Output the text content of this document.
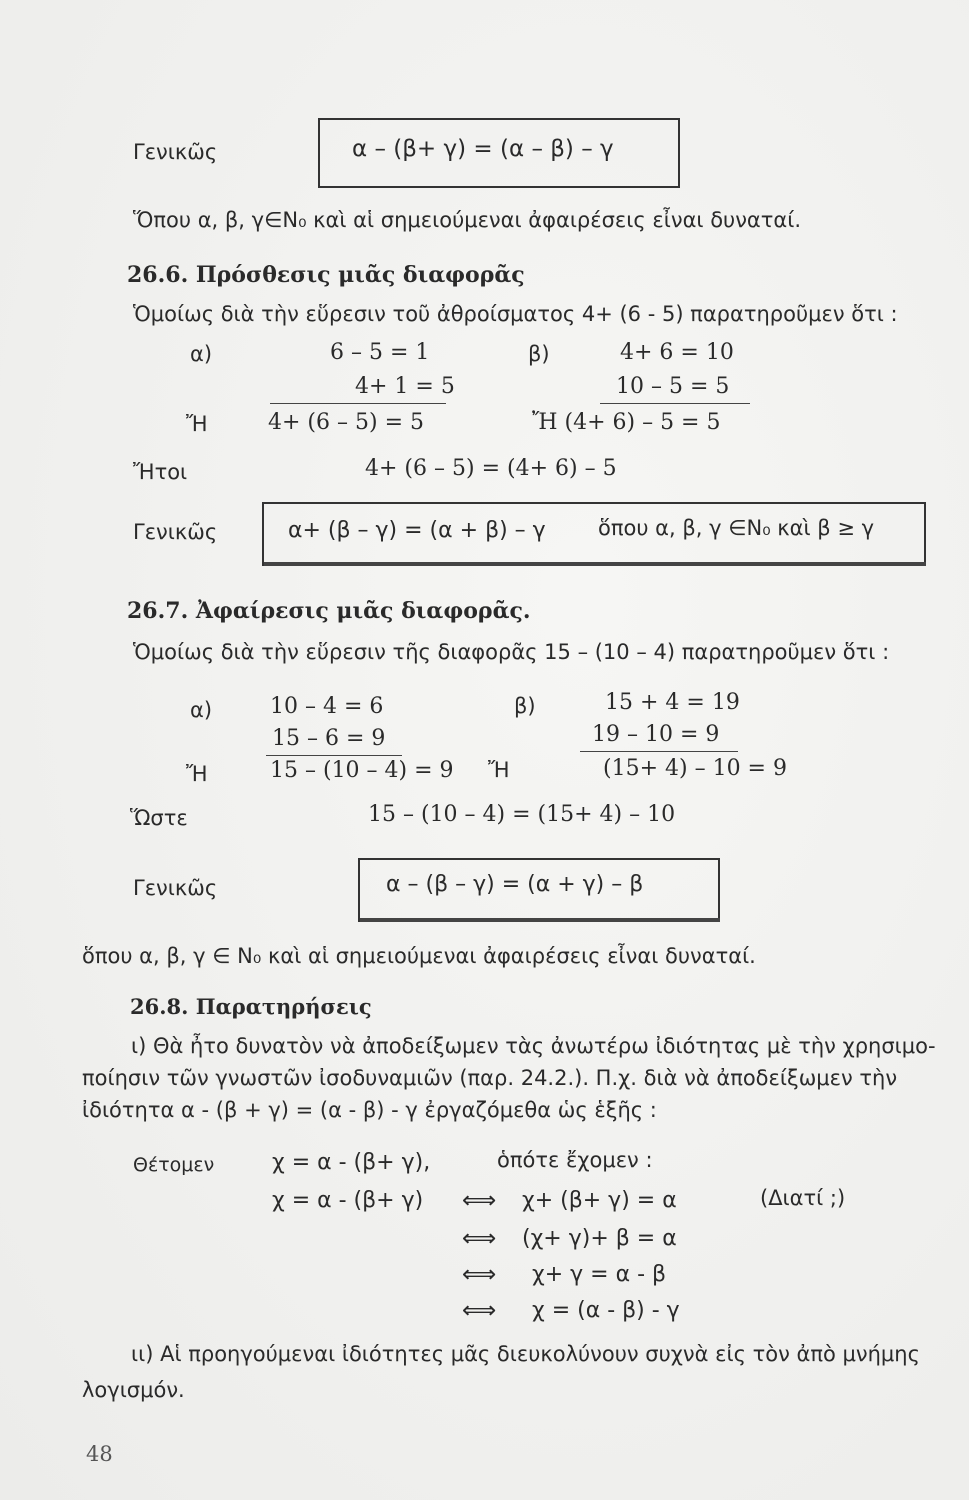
Γενικῶς	α – (β+ γ) = (α – β) – γ
Ὅπου α, β, γ∈N₀ καὶ αἱ σημειούμεναι ἀφαιρέσεις εἶναι δυναταί.
26.6. Πρόσθεσις μιᾶς διαφορᾶς
Ὁμοίως διὰ τὴν εὕρεσιν τοῦ ἀθροίσματος 4+ (6 - 5) παρατηροῦμεν ὅτι :
α)	6 – 5 = 1
4+ 1 = 5
β)	4+ 6 = 10
10 – 5 = 5
Ἤ	4+ (6 – 5) = 5	Ἤ (4+ 6) – 5 = 5
Ἤτοι	4+ (6 – 5) = (4+ 6) – 5
Γενικῶς	α+ (β – γ) = (α + β) – γ ὅπου α, β, γ ∈N₀ καὶ β ≥ γ
26.7. Ἀφαίρεσις μιᾶς διαφορᾶς.
Ὁμοίως διὰ τὴν εὕρεσιν τῆς διαφορᾶς 15 – (10 – 4) παρατηροῦμεν ὅτι :
α)	10 – 4 = 6
15 – 6 = 9
β)	15 + 4 = 19
19 – 10 = 9
Ἤ	15 – (10 – 4) = 9 Ἤ	(15+ 4) – 10 = 9
Ὥστε	15 – (10 – 4) = (15+ 4) – 10
Γενικῶς	α – (β – γ) = (α + γ) – β
ὅπου α, β, γ ∈ N₀ καὶ αἱ σημειούμεναι ἀφαιρέσεις εἶναι δυναταί.
26.8. Παρατηρήσεις
ι) Θὰ ἦτο δυνατὸν νὰ ἀποδείξωμεν τὰς ἀνωτέρω ἰδιότητας μὲ τὴν χρησιμο-
ποίησιν τῶν γνωστῶν ἰσοδυναμιῶν (παρ. 24.2.). Π.χ. διὰ νὰ ἀποδείξωμεν τὴν
ἰδιότητα α - (β + γ) = (α - β) - γ ἐργαζόμεθα ὡς ἑξῆς :
Θέτομεν	χ = α - (β+ γ),	ὁπότε ἔχομεν :
χ = α - (β+ γ) ⟺ χ+ (β+ γ) = α	(Διατί ;)
⟺ (χ+ γ)+ β = α
⟺ χ+ γ = α - β
⟺ χ = (α - β) - γ
ιι) Αἱ προηγούμεναι ἰδιότητες μᾶς διευκολύνουν συχνὰ εἰς τὸν ἀπὸ μνήμης
λογισμόν.
48
